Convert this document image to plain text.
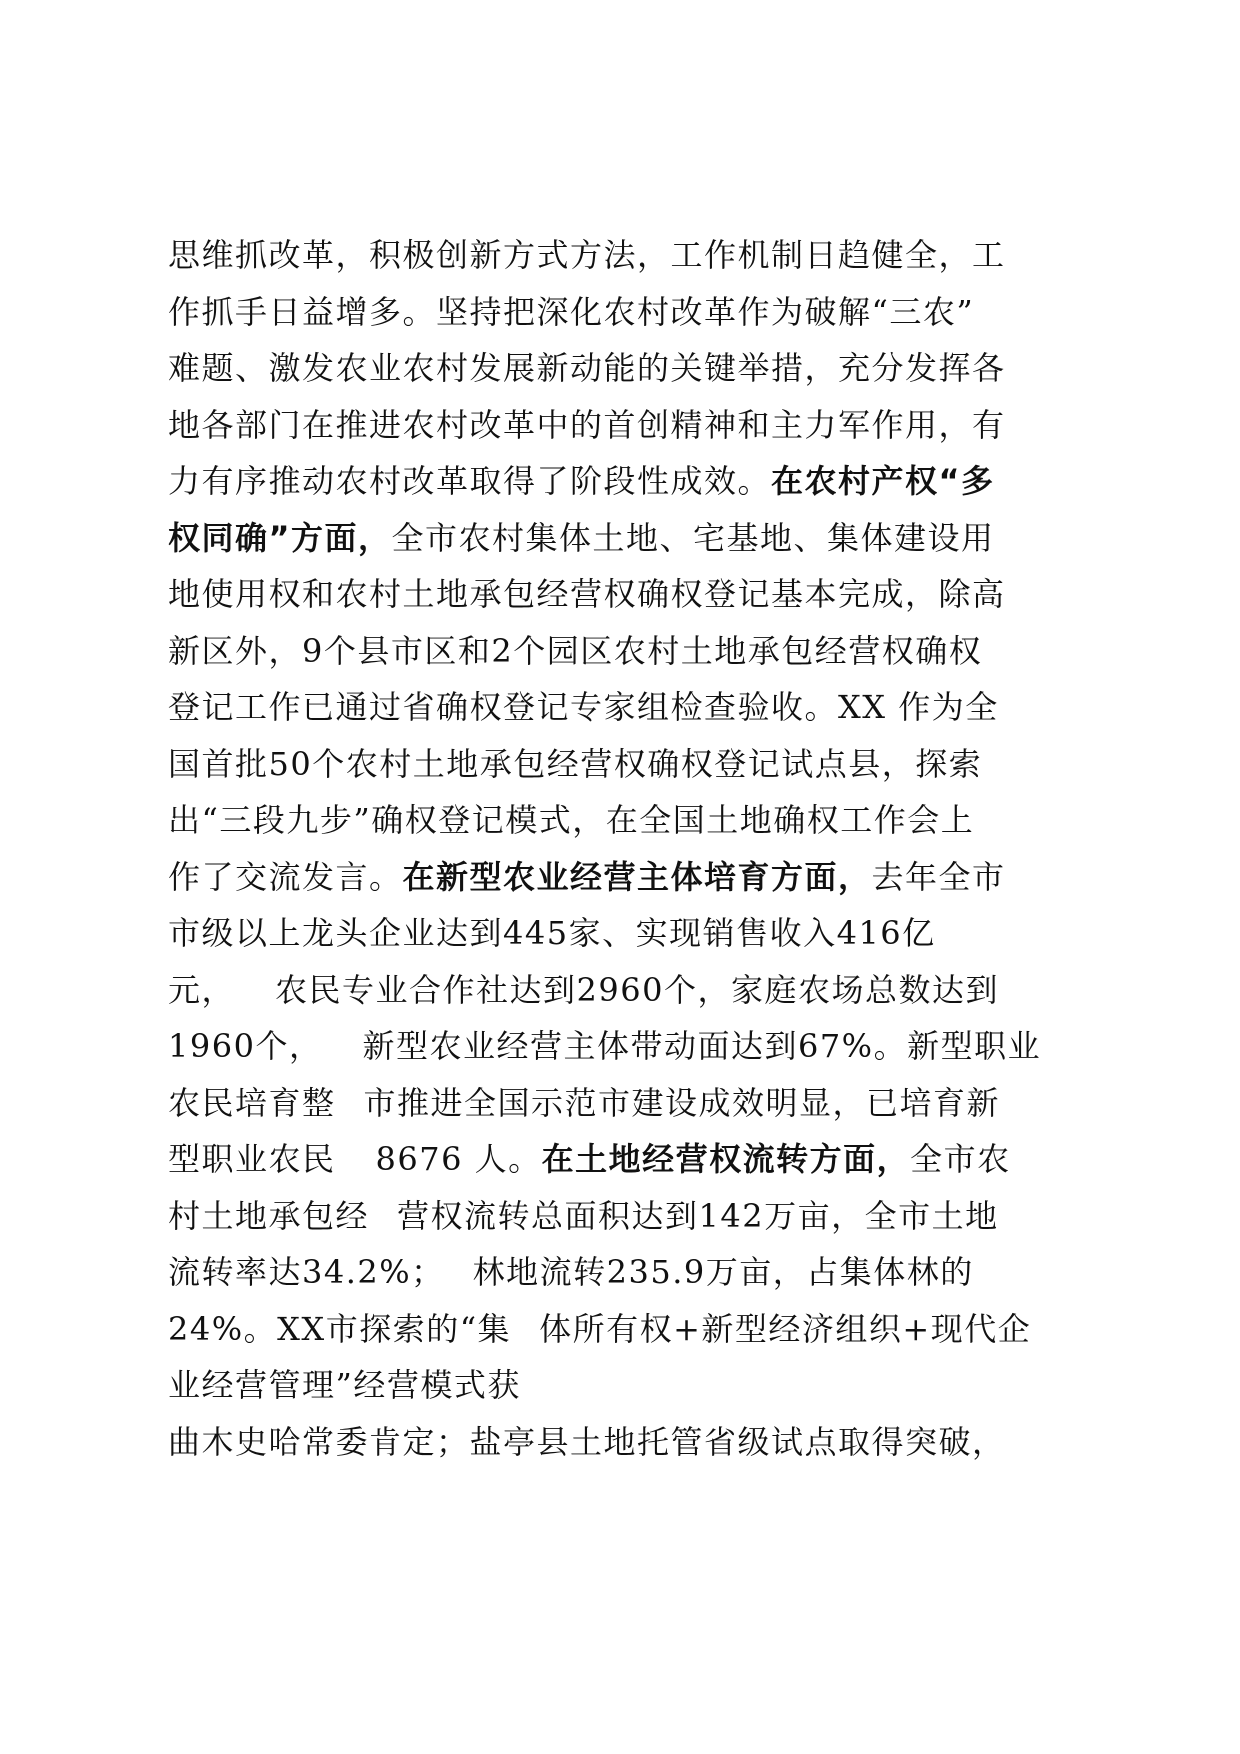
思维抓改革，积极创新方式方法，工作机制日趋健全，工
作抓手日益增多。坚持把深化农村改革作为破解“三农”
难题、激发农业农村发展新动能的关键举措，充分发挥各
地各部门在推进农村改革中的首创精神和主力军作用，有
力有序推动农村改革取得了阶段性成效。在农村产权“多
权同确”方面，全市农村集体土地、宅基地、集体建设用
地使用权和农村土地承包经营权确权登记基本完成，除高
新区外，9个县市区和2个园区农村土地承包经营权确权
登记工作已通过省确权登记专家组检查验收。XX 作为全
国首批50个农村土地承包经营权确权登记试点县，探索
出“三段九步”确权登记模式，在全国土地确权工作会上
作了交流发言。在新型农业经营主体培育方面，去年全市
市级以上龙头企业达到445家、实现销售收入416亿
元， 农民专业合作社达到2960个，家庭农场总数达到
1960个， 新型农业经营主体带动面达到67%。新型职业
农民培育整 市推进全国示范市建设成效明显，已培育新
型职业农民 8676 人。在土地经营权流转方面，全市农
村土地承包经 营权流转总面积达到142万亩，全市土地
流转率达34.2%； 林地流转235.9万亩，占集体林的
24%。XX市探索的“集 体所有权+新型经济组织+现代企
业经营管理”经营模式获
曲木史哈常委肯定；盐亭县土地托管省级试点取得突破，
